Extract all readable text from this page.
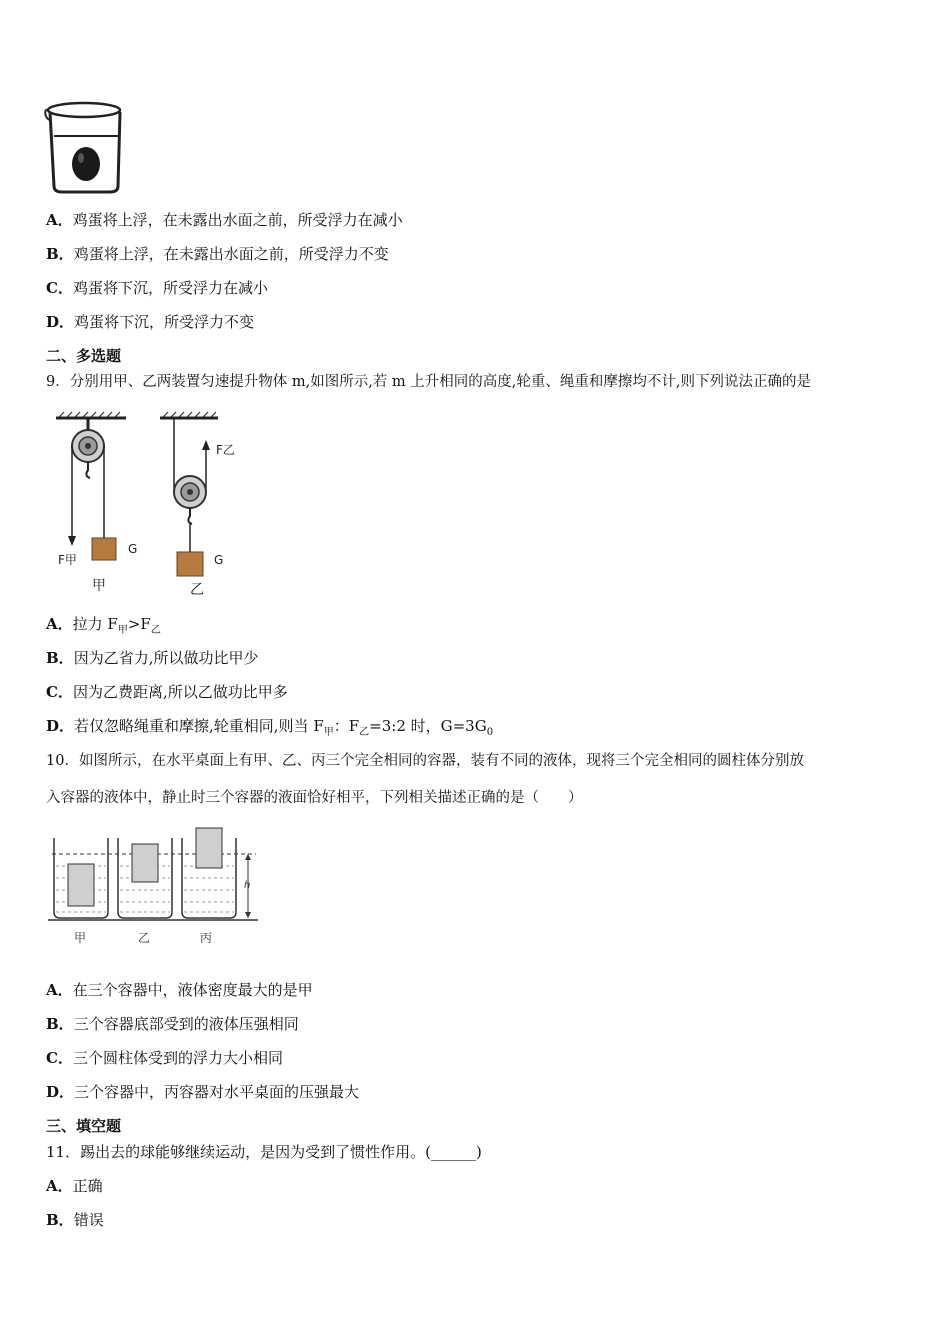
A．鸡蛋将上浮，在未露出水面之前，所受浮力在减小
B．鸡蛋将上浮，在未露出水面之前，所受浮力不变
C．鸡蛋将下沉，所受浮力在减小
D．鸡蛋将下沉，所受浮力不变
二、多选题
9．分别用甲、乙两装置匀速提升物体 m,如图所示,若 m 上升相同的高度,轮重、绳重和摩擦均不计,则下列说法正确的是
G
F甲
甲
F乙
G
乙
A．拉力 $F_甲>F_乙$
B．因为乙省力,所以做功比甲少
C．因为乙费距离,所以乙做功比甲多
D．若仅忽略绳重和摩擦,轮重相同,则当 $F_甲$：$F_乙=3:2$ 时，$G=3G_0$
10．如图所示，在水平桌面上有甲、乙、丙三个完全相同的容器，装有不同的液体，现将三个完全相同的圆柱体分别放
入容器的液体中，静止时三个容器的液面恰好相平，下列相关描述正确的是（　　）
h
甲	乙	丙
A．在三个容器中，液体密度最大的是甲
B．三个容器底部受到的液体压强相同
C．三个圆柱体受到的浮力大小相同
D．三个容器中，丙容器对水平桌面的压强最大
三、填空题
11．踢出去的球能够继续运动，是因为受到了惯性作用。(______)
A．正确
B．错误
